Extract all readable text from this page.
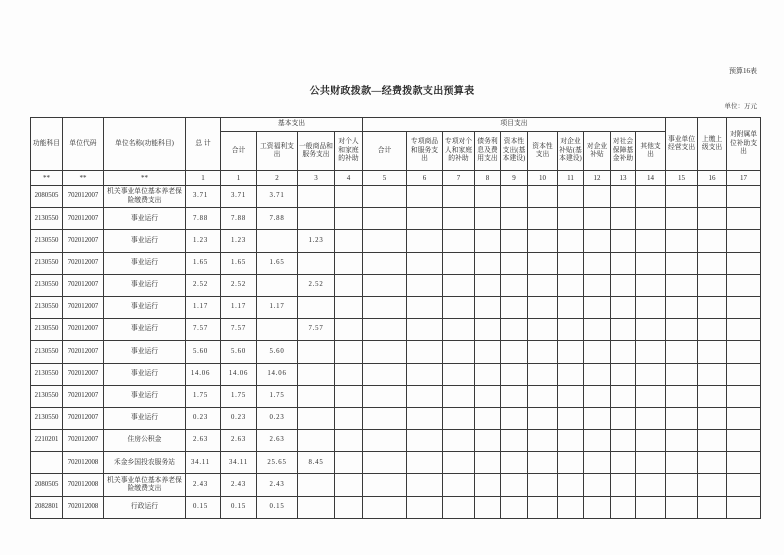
预算16表
公共财政拨款—经费拨款支出预算表
单位：万元
功能科目	单位代码	单位名称(功能科目)	总 计	基本支出				项目支出										事业单位经营支出	上缴上级支出	对附属单位补助支出
				合计	工资福利支出	一般商品和服务支出	对个人和家庭的补助	合计	专项商品和服务支出	专项对个人和家庭的补助	债务利息及费用支出	资本性支出(基本建设)	资本性支出	对企业补贴(基本建设)	对企业补贴	对社会保障基金补助	其他支出			
**	**	**	1	1	2	3	4	5	6	7	8	9	10	11	12	13	14	15	16	17
2080505	702012007	机关事业单位基本养老保险缴费支出	3.71	3.71	3.71															
2130550	702012007	事业运行	7.88	7.88	7.88															
2130550	702012007	事业运行	1.23	1.23		1.23														
2130550	702012007	事业运行	1.65	1.65	1.65															
2130550	702012007	事业运行	2.52	2.52		2.52														
2130550	702012007	事业运行	1.17	1.17	1.17															
2130550	702012007	事业运行	7.57	7.57		7.57														
2130550	702012007	事业运行	5.60	5.60	5.60															
2130550	702012007	事业运行	14.06	14.06	14.06															
2130550	702012007	事业运行	1.75	1.75	1.75															
2130550	702012007	事业运行	0.23	0.23	0.23															
2210201	702012007	住房公积金	2.63	2.63	2.63															
	702012008	禾金乡国投农服务站	34.11	34.11	25.65	8.45														
2080505	702012008	机关事业单位基本养老保险缴费支出	2.43	2.43	2.43															
2082801	702012008	行政运行	0.15	0.15	0.15															
